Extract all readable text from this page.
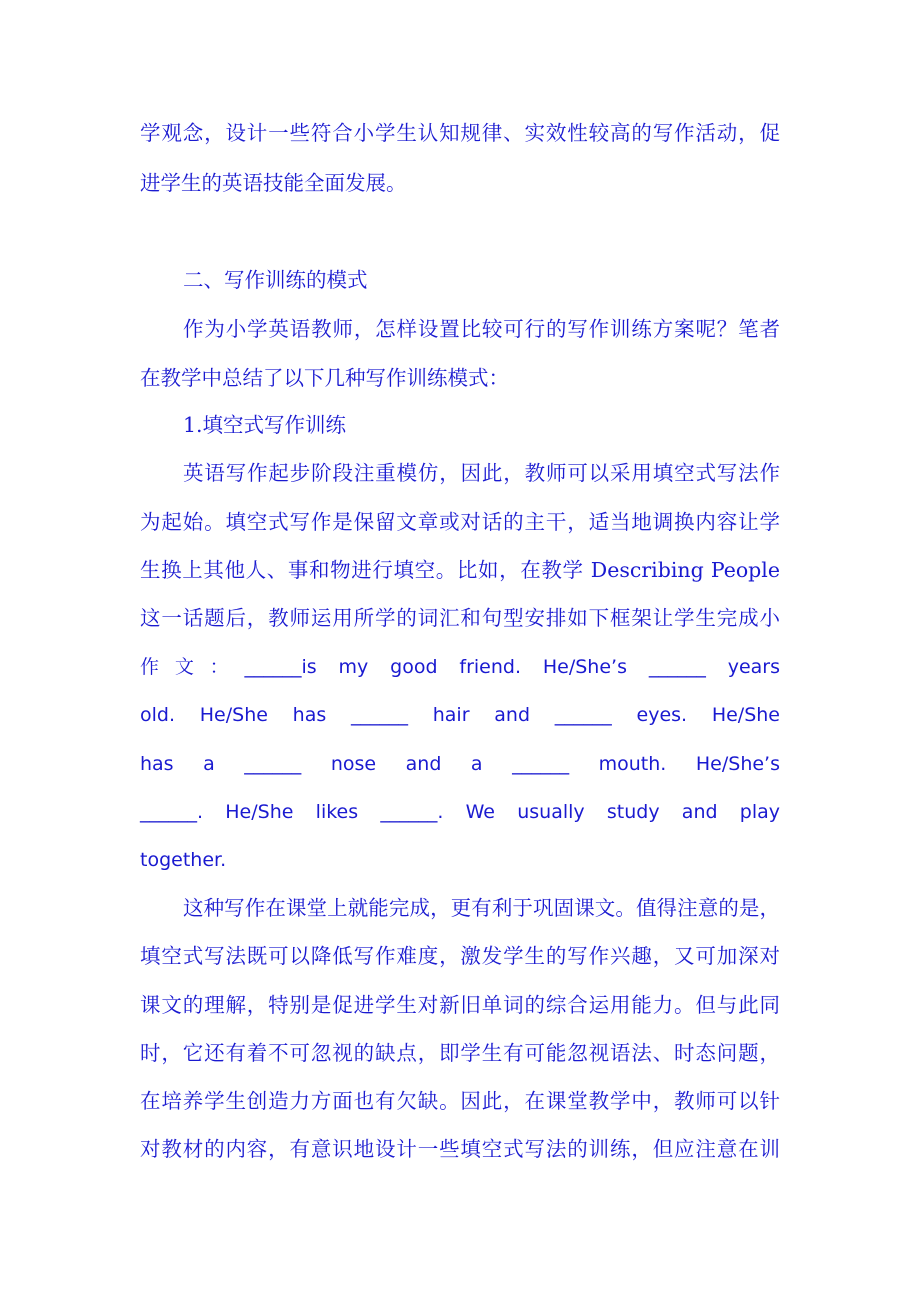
学观念，设计一些符合小学生认知规律、实效性较高的写作活动，促

进学生的英语技能全面发展。

二、写作训练的模式

作为小学英语教师，怎样设置比较可行的写作训练方案呢？笔者

在教学中总结了以下几种写作训练模式：

1.填空式写作训练

英语写作起步阶段注重模仿，因此，教师可以采用填空式写法作

为起始。填空式写作是保留文章或对话的主干，适当地调换内容让学

生换上其他人、事和物进行填空。比如，在教学 Describing People

这一话题后，教师运用所学的词汇和句型安排如下框架让学生完成小

作文：______is my good friend. He/She’s ______ years

old. He/She has ______ hair and ______ eyes. He/She

has a ______ nose and a ______ mouth. He/She’s

______. He/She likes ______. We usually study and play

together.

这种写作在课堂上就能完成，更有利于巩固课文。值得注意的是，

填空式写法既可以降低写作难度，激发学生的写作兴趣，又可加深对

课文的理解，特别是促进学生对新旧单词的综合运用能力。但与此同

时，它还有着不可忽视的缺点，即学生有可能忽视语法、时态问题，

在培养学生创造力方面也有欠缺。因此，在课堂教学中，教师可以针

对教材的内容，有意识地设计一些填空式写法的训练，但应注意在训
